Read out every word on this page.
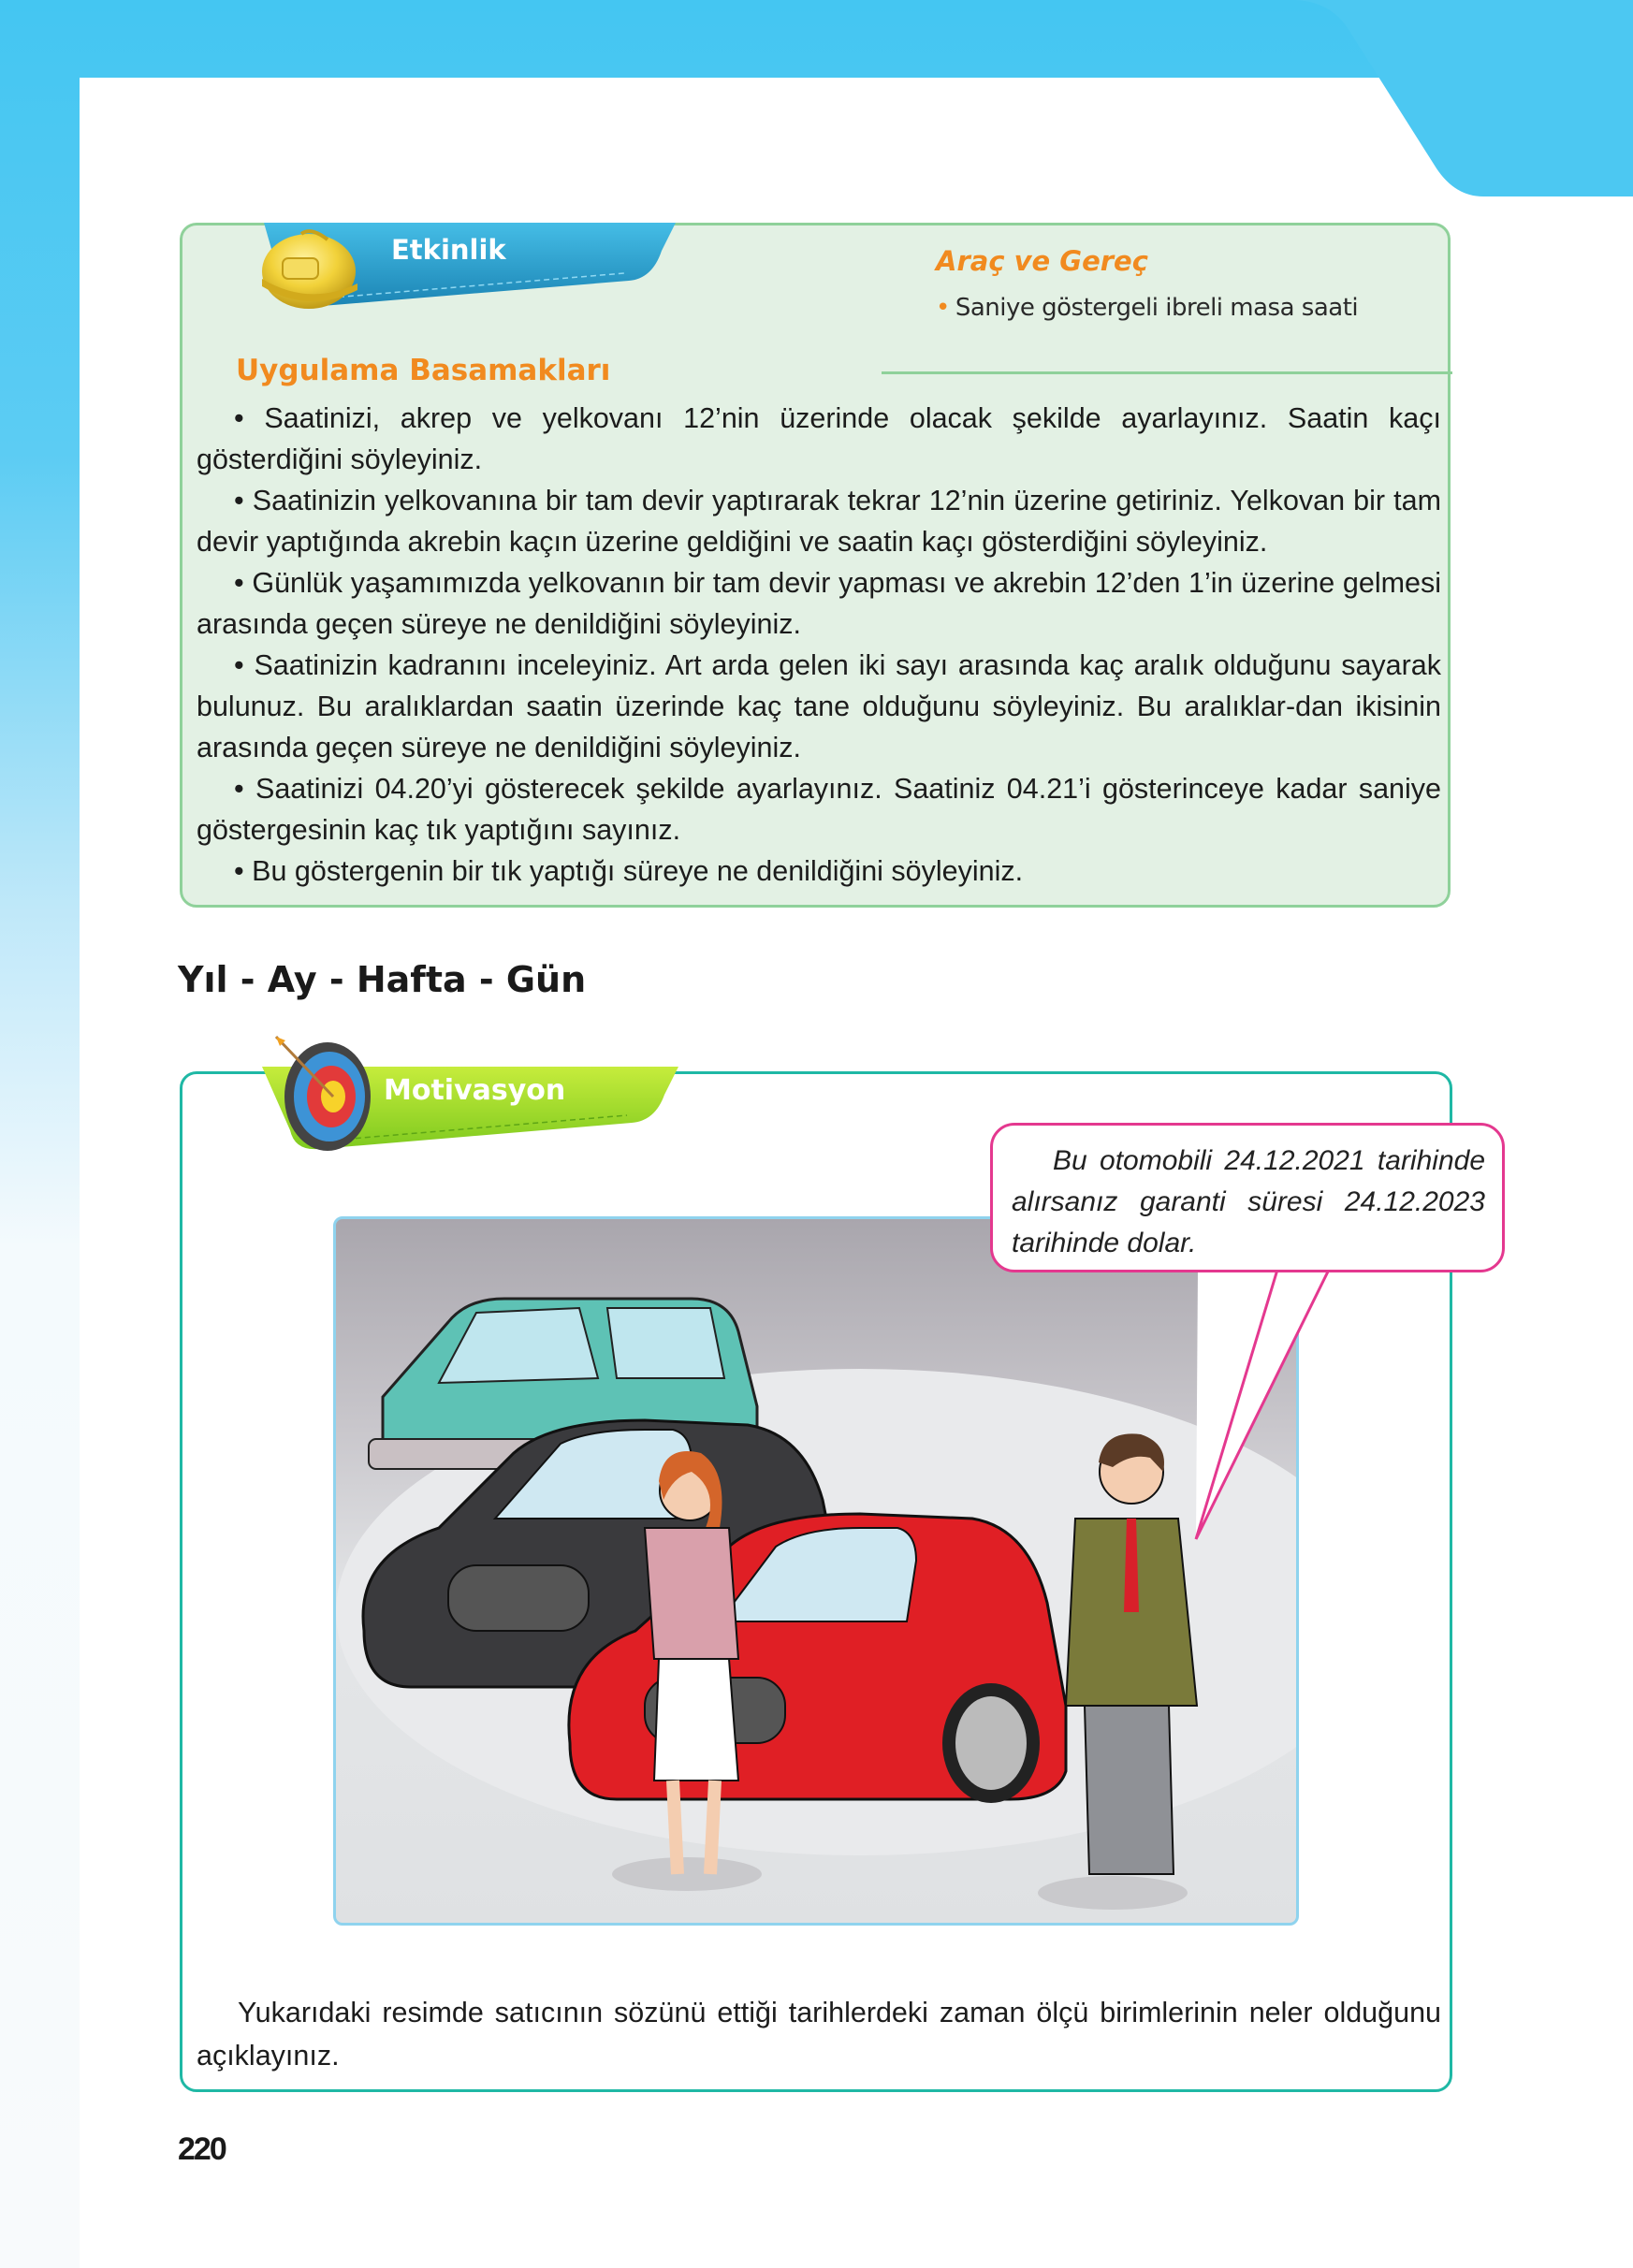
Etkinlik	Araç ve Gereç
• Saniye göstergeli ibreli masa saati
Uygulama Basamakları

• Saatinizi, akrep ve yelkovanı 12’nin üzerinde olacak şekilde ayarlayınız. Saatin kaçı gösterdiğini söyleyiniz.

• Saatinizin yelkovanına bir tam devir yaptırarak tekrar 12’nin üzerine getiriniz. Yelkovan bir tam devir yaptığında akrebin kaçın üzerine geldiğini ve saatin kaçı gösterdiğini söyleyiniz.

• Günlük yaşamımızda yelkovanın bir tam devir yapması ve akrebin 12’den 1’in üzerine gelmesi arasında geçen süreye ne denildiğini söyleyiniz.

• Saatinizin kadranını inceleyiniz. Art arda gelen iki sayı arasında kaç aralık olduğunu sayarak bulunuz. Bu aralıklardan saatin üzerinde kaç tane olduğunu söyleyiniz. Bu aralıklar-dan ikisinin arasında geçen süreye ne denildiğini söyleyiniz.

• Saatinizi 04.20’yi gösterecek şekilde ayarlayınız. Saatiniz 04.21’i gösterinceye kadar saniye göstergesinin kaç tık yaptığını sayınız.

• Bu göstergenin bir tık yaptığı süreye ne denildiğini söyleyiniz.

Yıl - Ay - Hafta - Gün
Motivasyon

Bu otomobili 24.12.2021 tarihinde alırsanız garanti süresi 24.12.2023 tarihinde dolar.

Yukarıdaki resimde satıcının sözünü ettiği tarihlerdeki zaman ölçü birimlerinin neler olduğunu açıklayınız.

220
